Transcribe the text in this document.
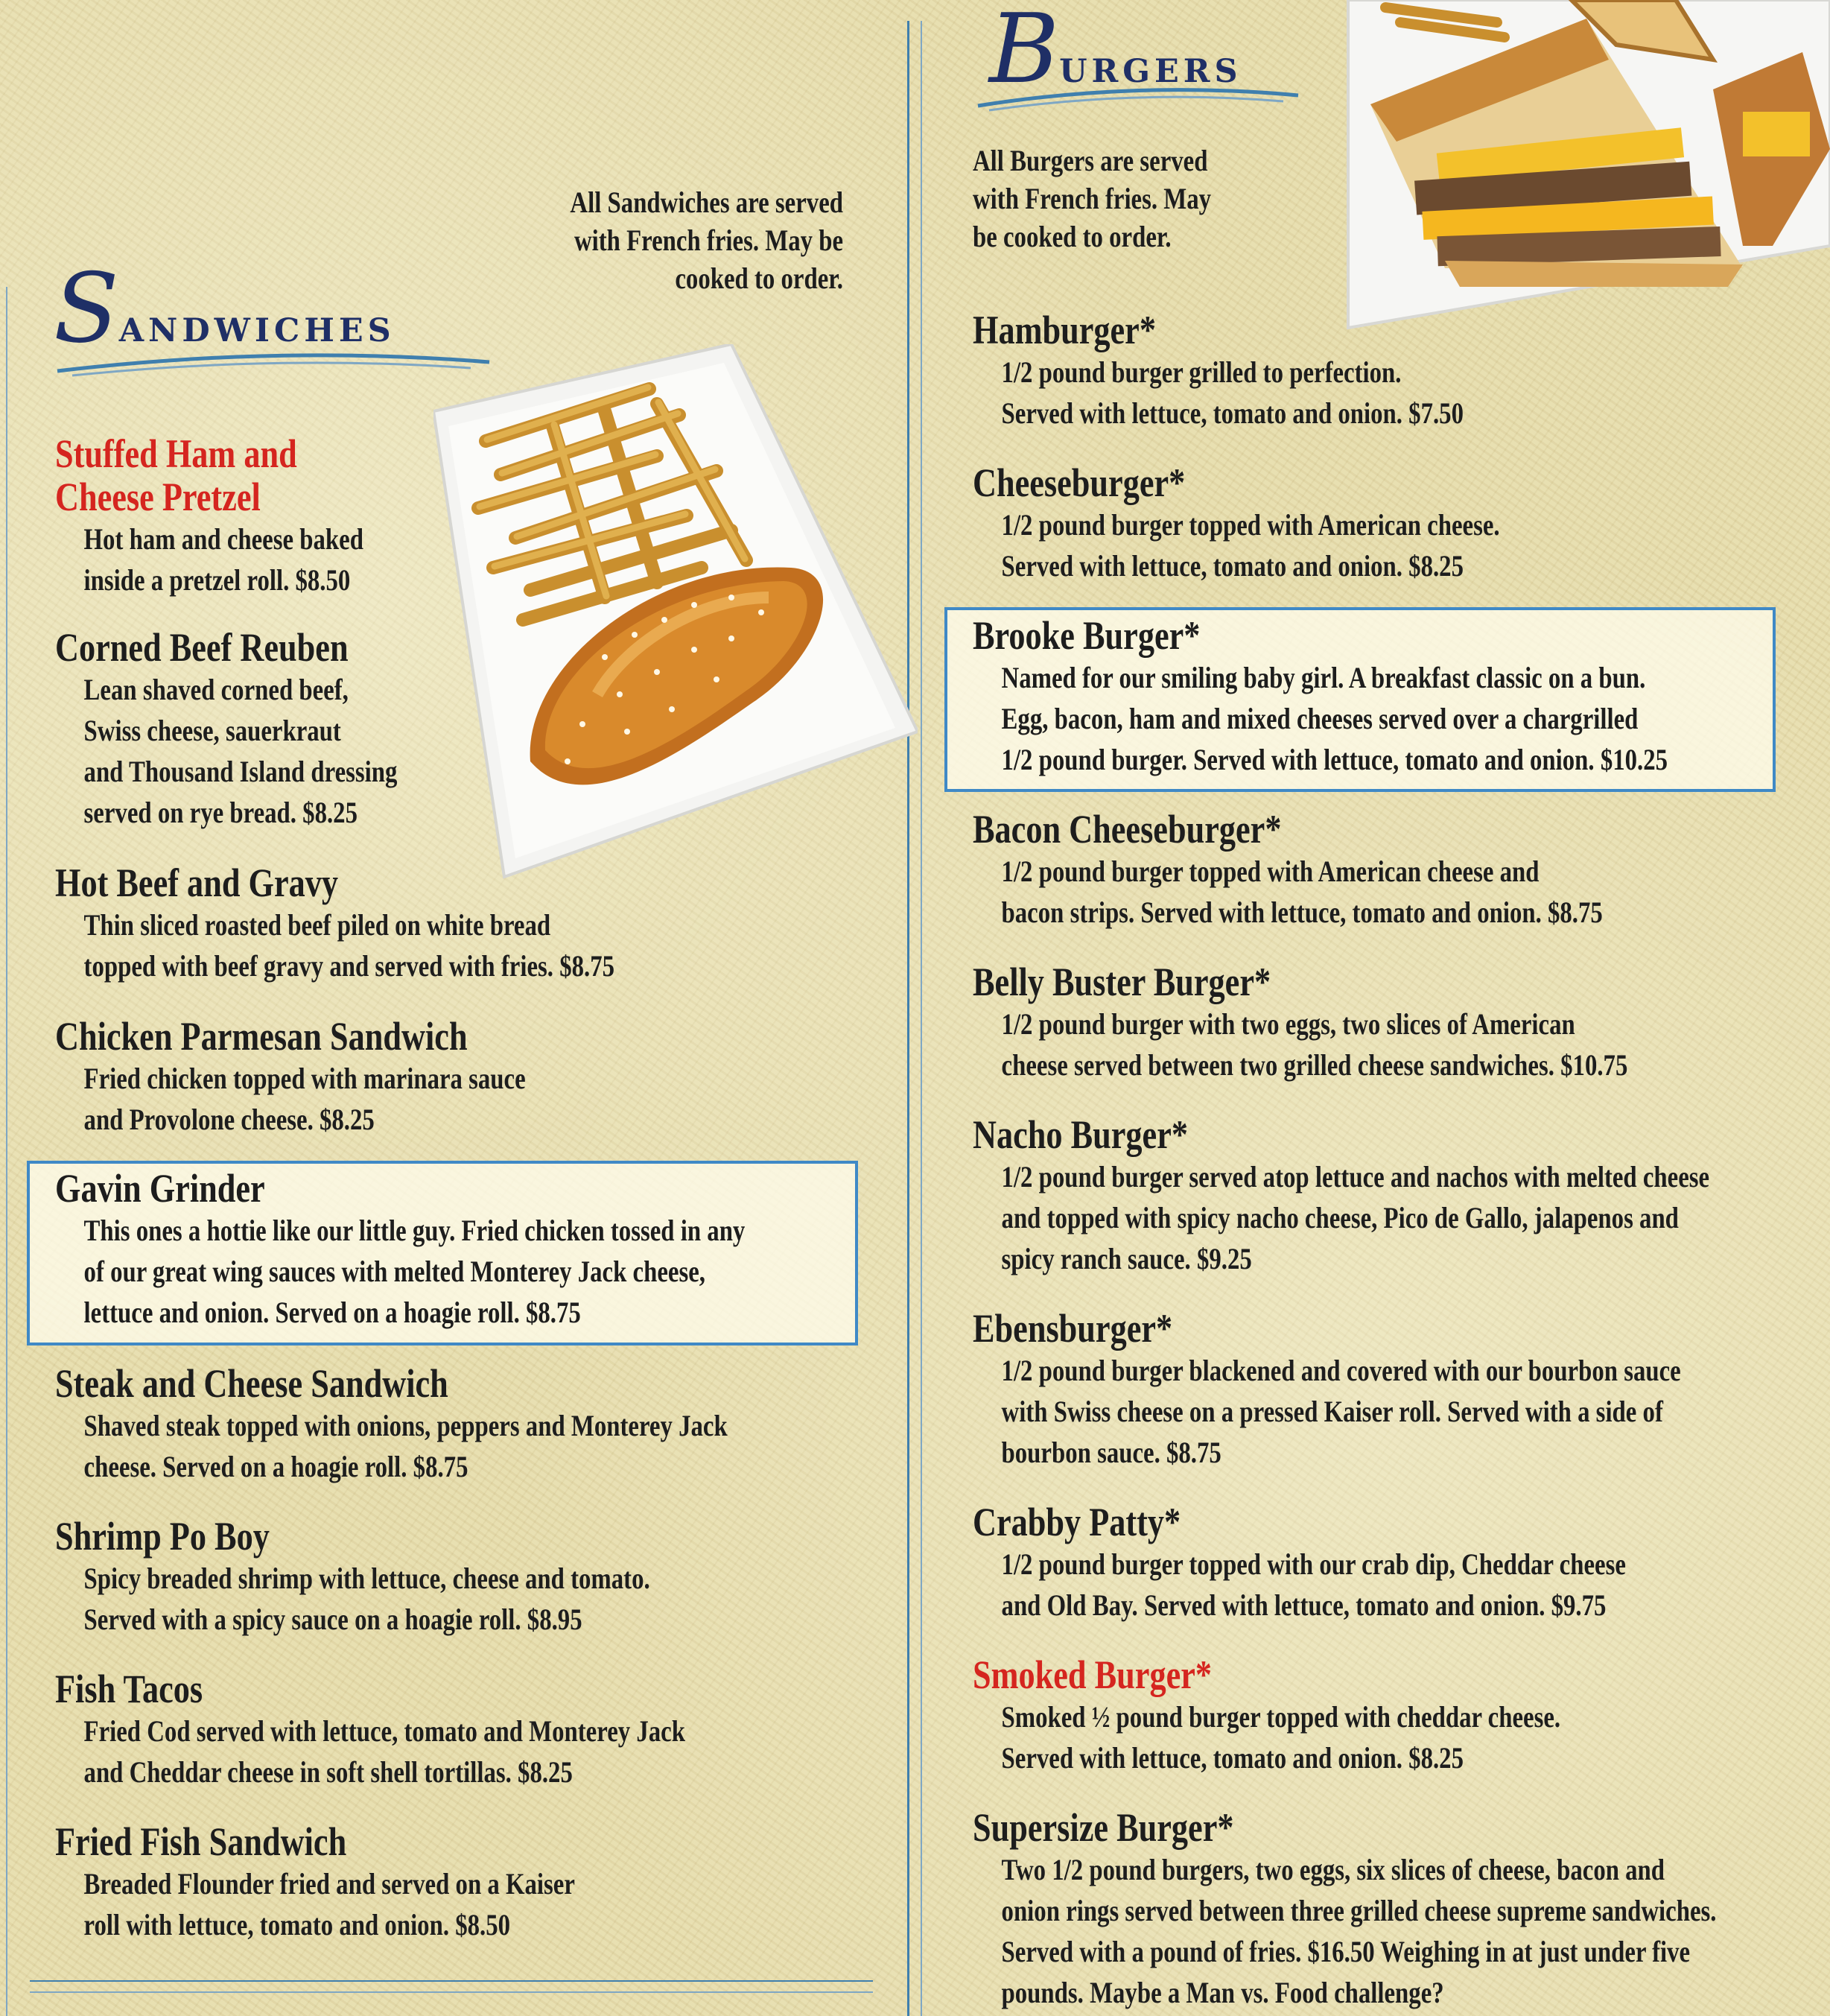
Sandwiches
All Sandwiches are served
with French fries. May be
cooked to order.
Stuffed Ham and
Cheese Pretzel
Hot ham and cheese baked
inside a pretzel roll. $8.50
Corned Beef Reuben
Lean shaved corned beef,
Swiss cheese, sauerkraut
and Thousand Island dressing
served on rye bread. $8.25
Hot Beef and Gravy
Thin sliced roasted beef piled on white bread
topped with beef gravy and served with fries. $8.75
Chicken Parmesan Sandwich
Fried chicken topped with marinara sauce
and Provolone cheese. $8.25
Gavin Grinder
This ones a hottie like our little guy. Fried chicken tossed in any
of our great wing sauces with melted Monterey Jack cheese,
lettuce and onion. Served on a hoagie roll. $8.75
Steak and Cheese Sandwich
Shaved steak topped with onions, peppers and Monterey Jack
cheese. Served on a hoagie roll. $8.75
Shrimp Po Boy
Spicy breaded shrimp with lettuce, cheese and tomato.
Served with a spicy sauce on a hoagie roll. $8.95
Fish Tacos
Fried Cod served with lettuce, tomato and Monterey Jack
and Cheddar cheese in soft shell tortillas. $8.25
Fried Fish Sandwich
Breaded Flounder fried and served on a Kaiser
roll with lettuce, tomato and onion. $8.50
Burgers
All Burgers are served
with French fries. May
be cooked to order.
Hamburger*
1/2 pound burger grilled to perfection.
Served with lettuce, tomato and onion. $7.50
Cheeseburger*
1/2 pound burger topped with American cheese.
Served with lettuce, tomato and onion. $8.25
Brooke Burger*
Named for our smiling baby girl. A breakfast classic on a bun.
Egg, bacon, ham and mixed cheeses served over a chargrilled
1/2 pound burger. Served with lettuce, tomato and onion. $10.25
Bacon Cheeseburger*
1/2 pound burger topped with American cheese and
bacon strips. Served with lettuce, tomato and onion. $8.75
Belly Buster Burger*
1/2 pound burger with two eggs, two slices of American
cheese served between two grilled cheese sandwiches. $10.75
Nacho Burger*
1/2 pound burger served atop lettuce and nachos with melted cheese
and topped with spicy nacho cheese, Pico de Gallo, jalapenos and
spicy ranch sauce. $9.25
Ebensburger*
1/2 pound burger blackened and covered with our bourbon sauce
with Swiss cheese on a pressed Kaiser roll. Served with a side of
bourbon sauce. $8.75
Crabby Patty*
1/2 pound burger topped with our crab dip, Cheddar cheese
and Old Bay. Served with lettuce, tomato and onion. $9.75
Smoked Burger*
Smoked ½ pound burger topped with cheddar cheese.
Served with lettuce, tomato and onion. $8.25
Supersize Burger*
Two 1/2 pound burgers, two eggs, six slices of cheese, bacon and
onion rings served between three grilled cheese supreme sandwiches.
Served with a pound of fries. $16.50 Weighing in at just under five
pounds. Maybe a Man vs. Food challenge?
